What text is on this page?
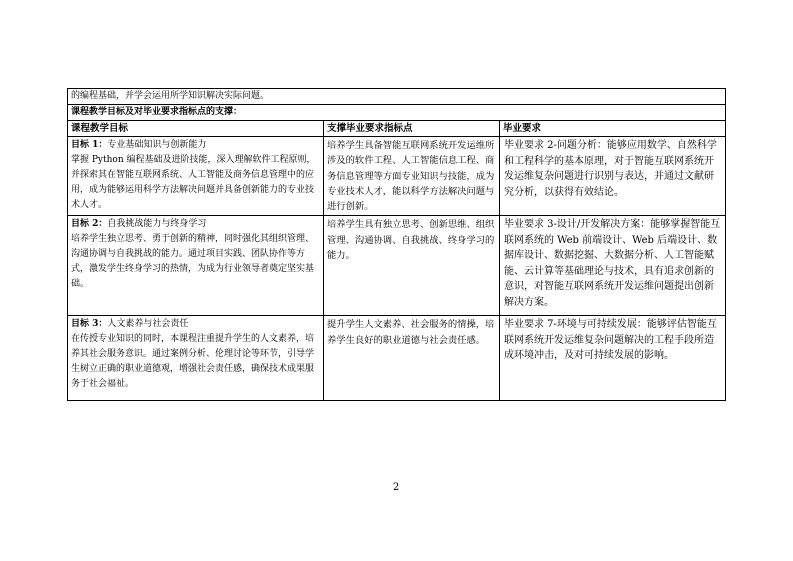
的编程基础，并学会运用所学知识解决实际问题。		
课程教学目标及对毕业要求指标点的支撑：		
课程教学目标	支撑毕业要求指标点	毕业要求
目标 1：专业基础知识与创新能力
掌握 Python 编程基础及进阶技能，深入理解软件工程原则，并探索其在智能互联网系统、人工智能及商务信息管理中的应用，成为能够运用科学方法解决问题并具备创新能力的专业技术人才。	培养学生具备智能互联网系统开发运维所涉及的软件工程、人工智能信息工程、商务信息管理等方面专业知识与技能，成为专业技术人才，能以科学方法解决问题与进行创新。	毕业要求 2-问题分析：能够应用数学、自然科学和工程科学的基本原理，对于智能互联网系统开发运维复杂问题进行识别与表达，并通过文献研究分析，以获得有效结论。
目标 2：自我挑战能力与终身学习
培养学生独立思考、勇于创新的精神，同时强化其组织管理、沟通协调与自我挑战的能力。通过项目实践、团队协作等方式，激发学生终身学习的热情，为成为行业领导者奠定坚实基础。	培养学生具有独立思考、创新思维、组织管理、沟通协调、自我挑战、终身学习的能力。	毕业要求 3-设计/开发解决方案：能够掌握智能互联网系统的 Web 前端设计、Web 后端设计、数据库设计、数据挖掘、大数据分析、人工智能赋能、云计算等基础理论与技术，具有追求创新的意识，对智能互联网系统开发运维问题提出创新解决方案。
目标 3：人文素养与社会责任
在传授专业知识的同时，本课程注重提升学生的人文素养，培养其社会服务意识。通过案例分析、伦理讨论等环节，引导学生树立正确的职业道德观，增强社会责任感，确保技术成果服务于社会福祉。	提升学生人文素养、社会服务的情操，培养学生良好的职业道德与社会责任感。	毕业要求 7-环境与可持续发展：能够评估智能互联网系统开发运维复杂问题解决的工程手段所造成环境冲击，及对可持续发展的影响。
2
